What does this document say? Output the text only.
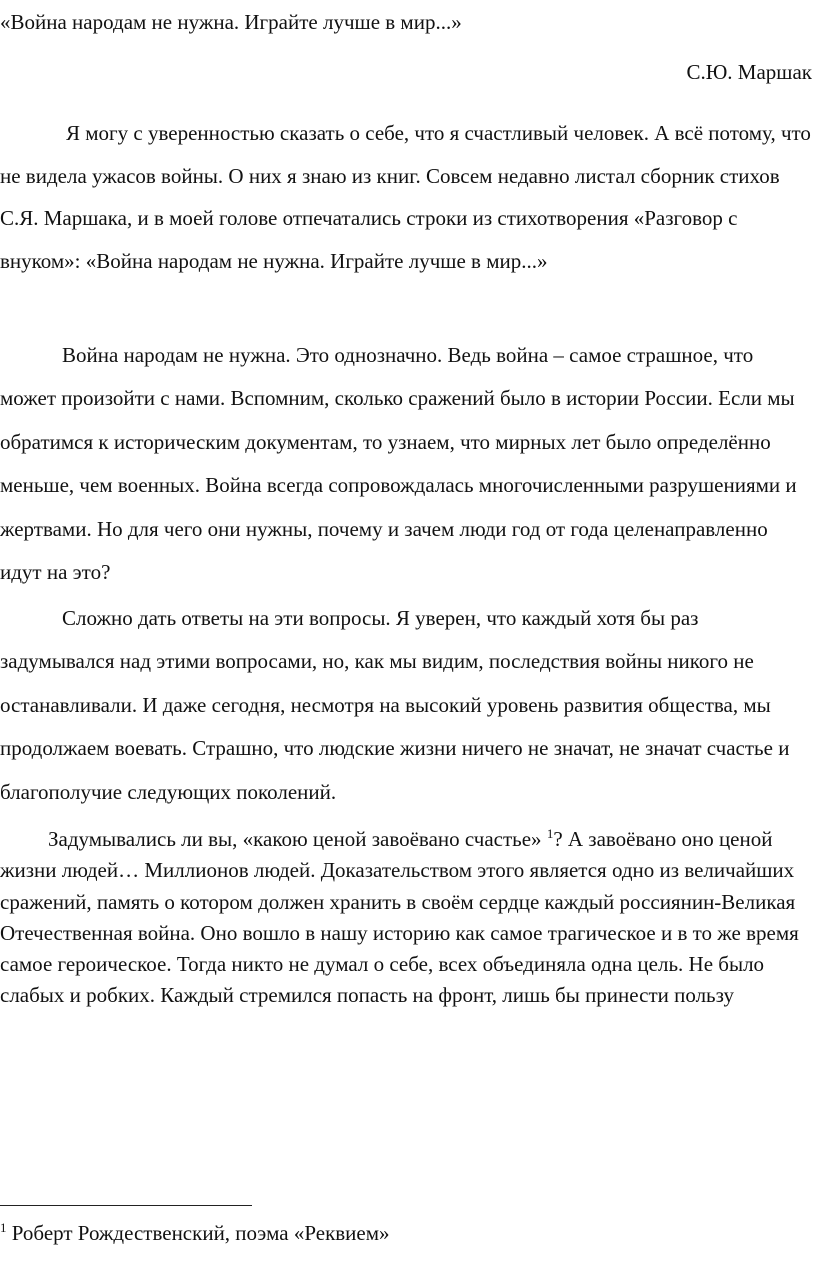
«Война народам не нужна. Играйте лучше в мир...»

С.Ю. Маршак

Я могу с уверенностью сказать о себе, что я счастливый человек. А всё потому, что не видела ужасов войны. О них я знаю из книг. Совсем недавно листал сборник стихов С.Я. Маршака, и в моей голове отпечатались строки из стихотворения «Разговор с внуком»: «Война народам не нужна. Играйте лучше в мир...»

Война народам не нужна. Это однозначно. Ведь война – самое страшное, что может произойти с нами. Вспомним, сколько сражений было в истории России. Если мы обратимся к историческим документам, то узнаем, что мирных лет было определённо меньше, чем военных. Война всегда сопровождалась многочисленными разрушениями и жертвами. Но для чего они нужны, почему и зачем люди год от года целенаправленно идут на это?

Сложно дать ответы на эти вопросы. Я уверен, что каждый хотя бы раз задумывался над этими вопросами, но, как мы видим, последствия войны никого не останавливали. И даже сегодня, несмотря на высокий уровень развития общества, мы продолжаем воевать. Страшно, что людские жизни ничего не значат, не значат счастье и благополучие следующих поколений.

Задумывались ли вы, «какою ценой завоёвано счастье» $^1$? А завоёвано оно ценой жизни людей… Миллионов людей. Доказательством этого является одно из величайших сражений, память о котором должен хранить в своём сердце каждый россиянин-Великая Отечественная война. Оно вошло в нашу историю как самое трагическое и в то же время самое героическое. Тогда никто не думал о себе, всех объединяла одна цель. Не было слабых и робких. Каждый стремился попасть на фронт, лишь бы принести пользу

$^1$ Роберт Рождественский, поэма «Реквием»
